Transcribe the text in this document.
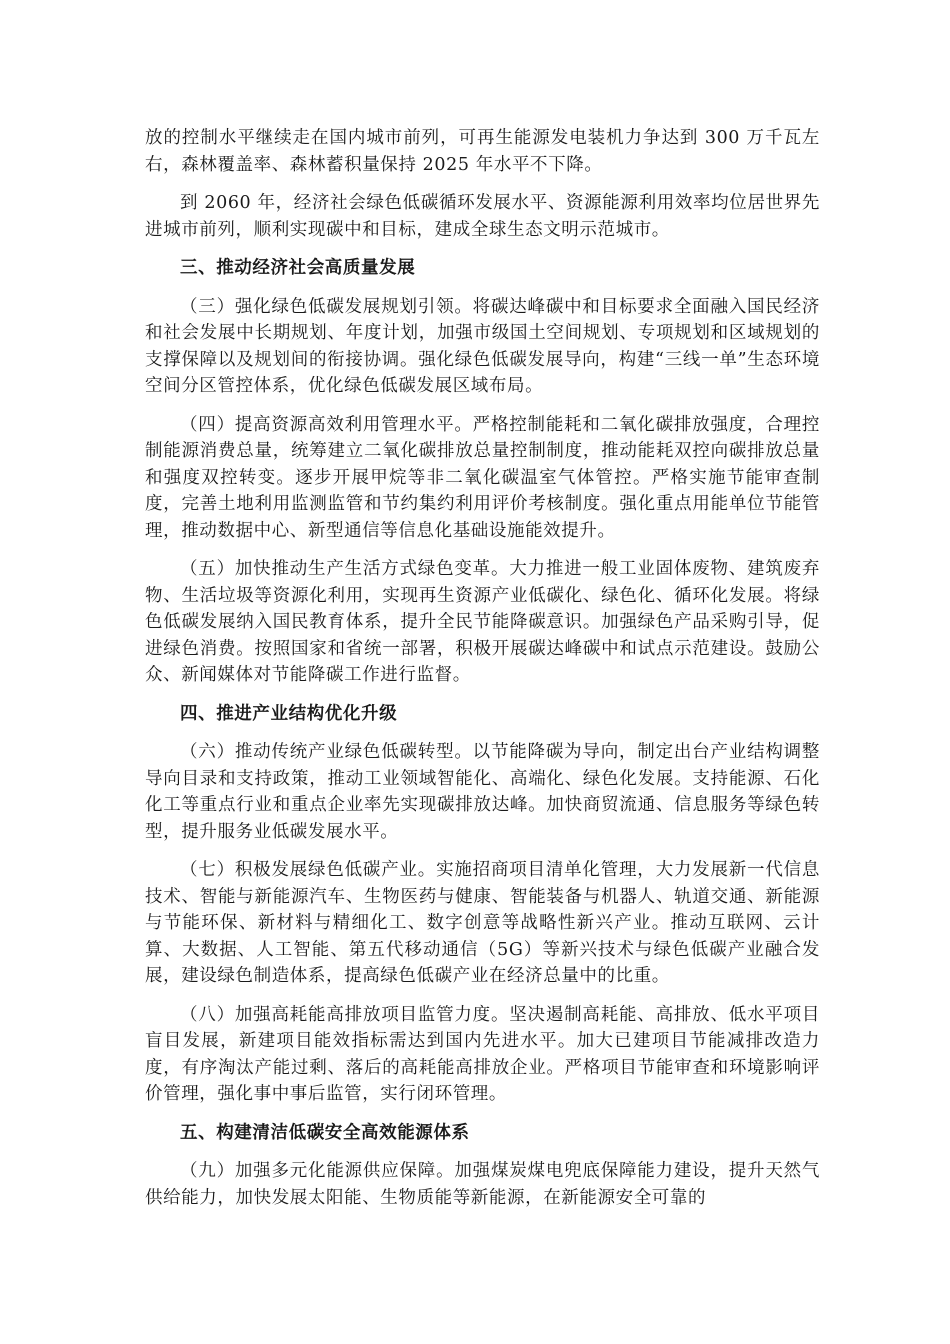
放的控制水平继续走在国内城市前列，可再生能源发电装机力争达到 300 万千瓦左右，森林覆盖率、森林蓄积量保持 2025 年水平不下降。

到 2060 年，经济社会绿色低碳循环发展水平、资源能源利用效率均位居世界先进城市前列，顺利实现碳中和目标，建成全球生态文明示范城市。

三、推动经济社会高质量发展

（三）强化绿色低碳发展规划引领。将碳达峰碳中和目标要求全面融入国民经济和社会发展中长期规划、年度计划，加强市级国土空间规划、专项规划和区域规划的支撑保障以及规划间的衔接协调。强化绿色低碳发展导向，构建“三线一单”生态环境空间分区管控体系，优化绿色低碳发展区域布局。

（四）提高资源高效利用管理水平。严格控制能耗和二氧化碳排放强度，合理控制能源消费总量，统筹建立二氧化碳排放总量控制制度，推动能耗双控向碳排放总量和强度双控转变。逐步开展甲烷等非二氧化碳温室气体管控。严格实施节能审查制度，完善土地利用监测监管和节约集约利用评价考核制度。强化重点用能单位节能管理，推动数据中心、新型通信等信息化基础设施能效提升。

（五）加快推动生产生活方式绿色变革。大力推进一般工业固体废物、建筑废弃物、生活垃圾等资源化利用，实现再生资源产业低碳化、绿色化、循环化发展。将绿色低碳发展纳入国民教育体系，提升全民节能降碳意识。加强绿色产品采购引导，促进绿色消费。按照国家和省统一部署，积极开展碳达峰碳中和试点示范建设。鼓励公众、新闻媒体对节能降碳工作进行监督。

四、推进产业结构优化升级

（六）推动传统产业绿色低碳转型。以节能降碳为导向，制定出台产业结构调整导向目录和支持政策，推动工业领域智能化、高端化、绿色化发展。支持能源、石化化工等重点行业和重点企业率先实现碳排放达峰。加快商贸流通、信息服务等绿色转型，提升服务业低碳发展水平。

（七）积极发展绿色低碳产业。实施招商项目清单化管理，大力发展新一代信息技术、智能与新能源汽车、生物医药与健康、智能装备与机器人、轨道交通、新能源与节能环保、新材料与精细化工、数字创意等战略性新兴产业。推动互联网、云计算、大数据、人工智能、第五代移动通信（5G）等新兴技术与绿色低碳产业融合发展，建设绿色制造体系，提高绿色低碳产业在经济总量中的比重。

（八）加强高耗能高排放项目监管力度。坚决遏制高耗能、高排放、低水平项目盲目发展，新建项目能效指标需达到国内先进水平。加大已建项目节能减排改造力度，有序淘汰产能过剩、落后的高耗能高排放企业。严格项目节能审查和环境影响评价管理，强化事中事后监管，实行闭环管理。

五、构建清洁低碳安全高效能源体系

（九）加强多元化能源供应保障。加强煤炭煤电兜底保障能力建设，提升天然气供给能力，加快发展太阳能、生物质能等新能源，在新能源安全可靠的
